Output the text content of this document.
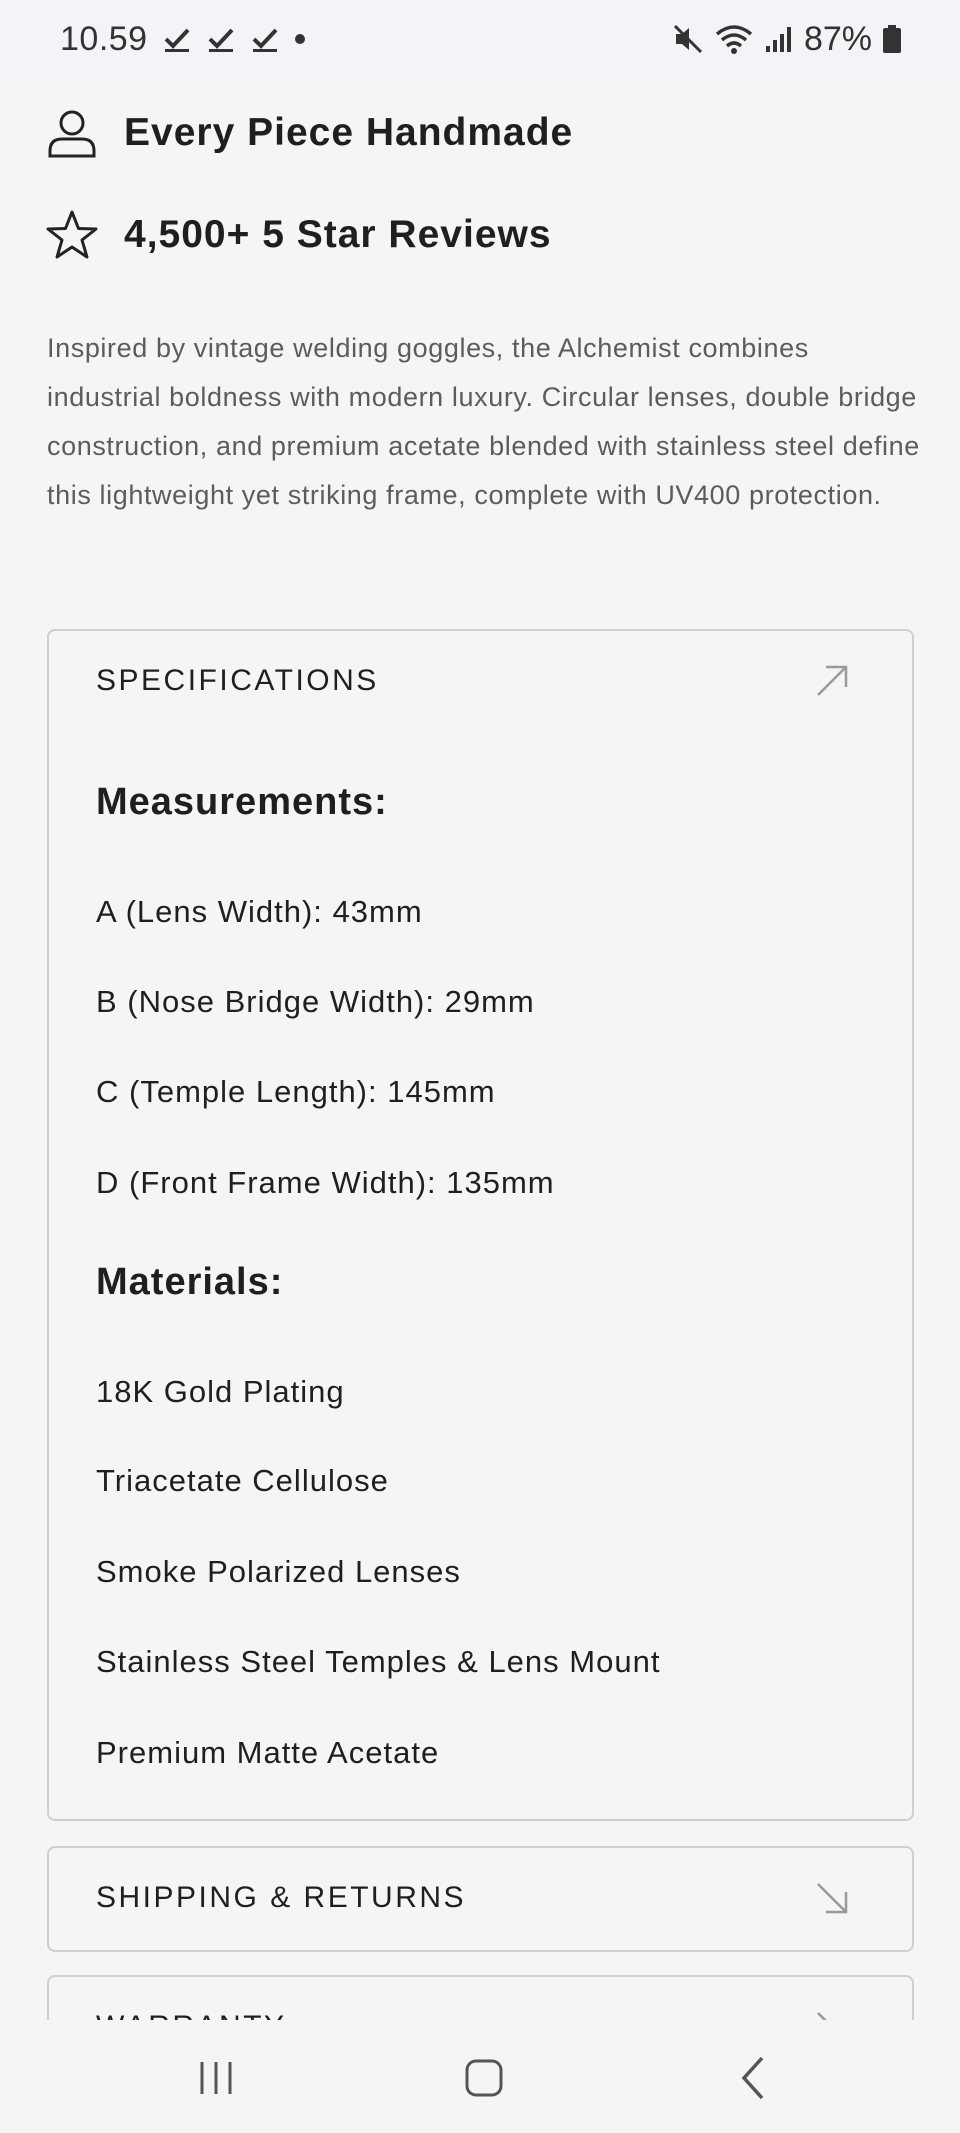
10.59	87%
Every Piece Handmade
4,500+ 5 Star Reviews

Inspired by vintage welding goggles, the Alchemist combines industrial boldness with modern luxury. Circular lenses, double bridge construction, and premium acetate blended with stainless steel define this lightweight yet striking frame, complete with UV400 protection.

SPECIFICATIONS
Measurements:
A (Lens Width): 43mm
B (Nose Bridge Width): 29mm
C (Temple Length): 145mm
D (Front Frame Width): 135mm
Materials:
18K Gold Plating
Triacetate Cellulose
Smoke Polarized Lenses
Stainless Steel Temples & Lens Mount
Premium Matte Acetate
SHIPPING & RETURNS
